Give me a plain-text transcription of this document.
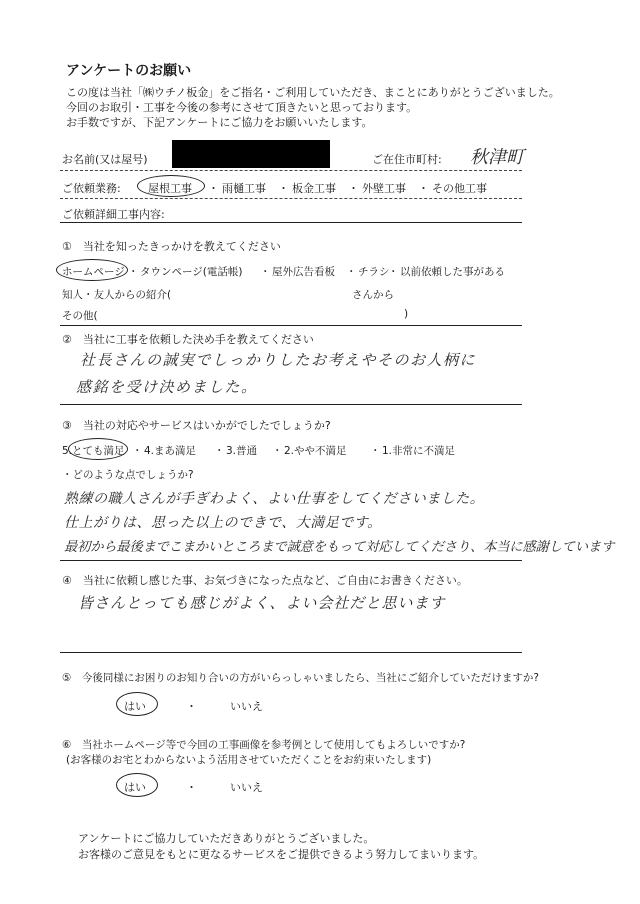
アンケートのお願い
この度は当社「㈱ウチノ板金」をご指名・ご利用していただき、まことにありがとうございました。
今回のお取引・工事を今後の参考にさせて頂きたいと思っております。
お手数ですが、下記アンケートにご協力をお願いいたします。
お名前(又は屋号)	ご在住市町村: 秋津町
ご依頼業務: 屋根工事 ・ 雨樋工事 ・ 板金工事 ・ 外壁工事 ・ その他工事
ご依頼詳細工事内容:
①　当社を知ったきっかけを教えてください
ホームページ ・ タウンページ(電話帳) ・ 屋外広告看板 ・ チラシ
・ 以前依頼した事がある
知人・友人からの紹介(	さんから
その他(	)
②　当社に工事を依頼した決め手を教えてください
社長さんの誠実でしっかりしたお考えやそのお人柄に
感銘を受け決めました。
③　当社の対応やサービスはいかがでしたでしょうか?
5.とても満足 ・ 4.まあ満足 ・ 3.普通 ・ 2.やや不満足 ・ 1.非常に不満足
・どのような点でしょうか?
熟練の職人さんが手ぎわよく、よい仕事をしてくださいました。
仕上がりは、思った以上のできで、大満足です。
最初から最後までこまかいところまで誠意をもって対応してくださり、本当に感謝しています
④　当社に依頼し感じた事、お気づきになった点など、ご自由にお書きください。
皆さんとっても感じがよく、よい会社だと思います
⑤　今後同様にお困りのお知り合いの方がいらっしゃいましたら、当社にご紹介していただけますか?
はい	・	いいえ
⑥　当社ホームページ等で今回の工事画像を参考例として使用してもよろしいですか?
(お客様のお宅とわからないよう活用させていただくことをお約束いたします)
はい	・	いいえ
アンケートにご協力していただきありがとうございました。
お客様のご意見をもとに更なるサービスをご提供できるよう努力してまいります。
